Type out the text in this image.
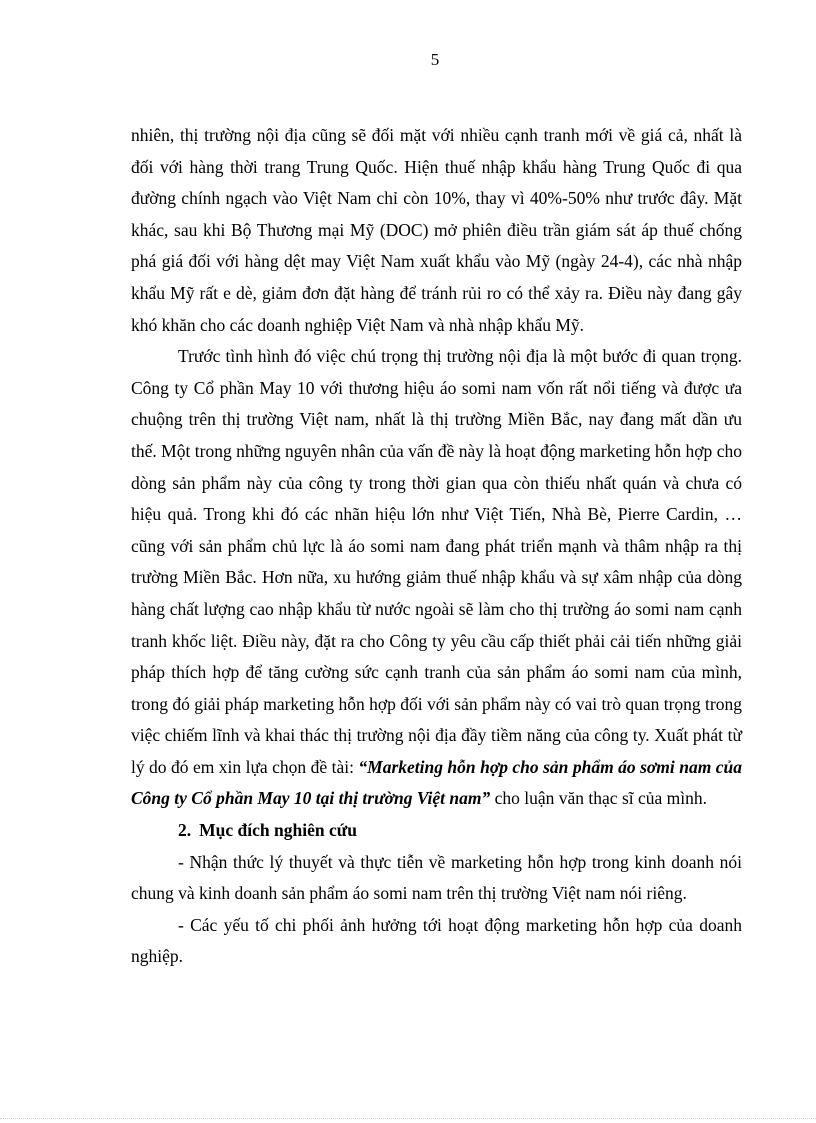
5

nhiên, thị trường nội địa cũng sẽ đối mặt với nhiều cạnh tranh mới về giá cả, nhất là đối với hàng thời trang Trung Quốc. Hiện thuế nhập khẩu hàng Trung Quốc đi qua đường chính ngạch vào Việt Nam chỉ còn 10%, thay vì 40%-50% như trước đây. Mặt khác, sau khi Bộ Thương mại Mỹ (DOC) mở phiên điều trần giám sát áp thuế chống phá giá đối với hàng dệt may Việt Nam xuất khẩu vào Mỹ (ngày 24-4), các nhà nhập khẩu Mỹ rất e dè, giảm đơn đặt hàng để tránh rủi ro có thể xảy ra. Điều này đang gây khó khăn cho các doanh nghiệp Việt Nam và nhà nhập khẩu Mỹ.

Trước tình hình đó việc chú trọng thị trường nội địa là một bước đi quan trọng. Công ty Cổ phần May 10 với thương hiệu áo somi nam vốn rất nổi tiếng và được ưa chuộng trên thị trường Việt nam, nhất là thị trường Miền Bắc, nay đang mất dần ưu thế. Một trong những nguyên nhân của vấn đề này là hoạt động marketing hỗn hợp cho dòng sản phẩm này của công ty trong thời gian qua còn thiếu nhất quán và chưa có hiệu quả. Trong khi đó các nhãn hiệu lớn như Việt Tiến, Nhà Bè, Pierre Cardin, … cũng với sản phẩm chủ lực là áo somi nam đang phát triển mạnh và thâm nhập ra thị trường Miền Bắc. Hơn nữa, xu hướng giảm thuế nhập khẩu và sự xâm nhập của dòng hàng chất lượng cao nhập khẩu từ nước ngoài sẽ làm cho thị trường áo somi nam cạnh tranh khốc liệt. Điều này, đặt ra cho Công ty yêu cầu cấp thiết phải cải tiến những giải pháp thích hợp để tăng cường sức cạnh tranh của sản phẩm áo somi nam của mình, trong đó giải pháp marketing hỗn hợp đối với sản phẩm này có vai trò quan trọng trong việc chiếm lĩnh và khai thác thị trường nội địa đầy tiềm năng của công ty. Xuất phát từ lý do đó em xin lựa chọn đề tài: “Marketing hỗn hợp cho sản phẩm áo sơmi nam của Công ty Cổ phần May 10 tại thị trường Việt nam” cho luận văn thạc sĩ của mình.

2. Mục đích nghiên cứu

- Nhận thức lý thuyết và thực tiễn về marketing hỗn hợp trong kinh doanh nói chung và kinh doanh sản phẩm áo somi nam trên thị trường Việt nam nói riêng.

- Các yếu tố chi phối ảnh hưởng tới hoạt động marketing hỗn hợp của doanh nghiệp.
